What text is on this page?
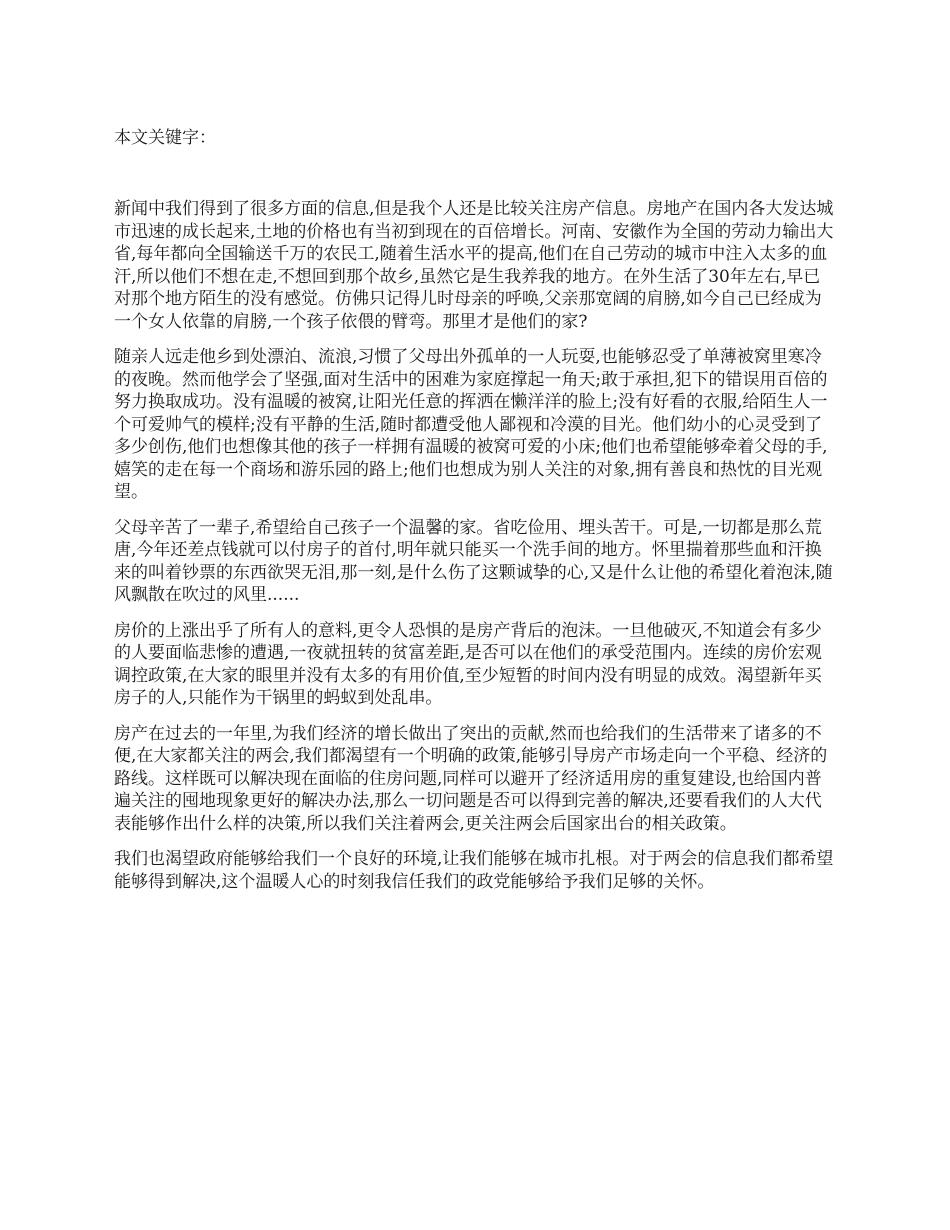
本文关键字：

新闻中我们得到了很多方面的信息,但是我个人还是比较关注房产信息。房地产在国内各大发达城市迅速的成长起来,土地的价格也有当初到现在的百倍增长。河南、安徽作为全国的劳动力输出大省,每年都向全国输送千万的农民工,随着生活水平的提高,他们在自己劳动的城市中注入太多的血汗,所以他们不想在走,不想回到那个故乡,虽然它是生我养我的地方。在外生活了30年左右,早已对那个地方陌生的没有感觉。仿佛只记得儿时母亲的呼唤,父亲那宽阔的肩膀,如今自己已经成为一个女人依靠的肩膀,一个孩子依偎的臂弯。那里才是他们的家?

随亲人远走他乡到处漂泊、流浪,习惯了父母出外孤单的一人玩耍,也能够忍受了单薄被窝里寒冷的夜晚。然而他学会了坚强,面对生活中的困难为家庭撑起一角天;敢于承担,犯下的错误用百倍的努力换取成功。没有温暖的被窝,让阳光任意的挥洒在懒洋洋的脸上;没有好看的衣服,给陌生人一个可爱帅气的模样;没有平静的生活,随时都遭受他人鄙视和冷漠的目光。他们幼小的心灵受到了多少创伤,他们也想像其他的孩子一样拥有温暖的被窝可爱的小床;他们也希望能够牵着父母的手,嬉笑的走在每一个商场和游乐园的路上;他们也想成为别人关注的对象,拥有善良和热忱的目光观望。

父母辛苦了一辈子,希望给自己孩子一个温馨的家。省吃俭用、埋头苦干。可是,一切都是那么荒唐,今年还差点钱就可以付房子的首付,明年就只能买一个洗手间的地方。怀里揣着那些血和汗换来的叫着钞票的东西欲哭无泪,那一刻,是什么伤了这颗诚挚的心,又是什么让他的希望化着泡沫,随风飘散在吹过的风里......

房价的上涨出乎了所有人的意料,更令人恐惧的是房产背后的泡沫。一旦他破灭,不知道会有多少的人要面临悲惨的遭遇,一夜就扭转的贫富差距,是否可以在他们的承受范围内。连续的房价宏观调控政策,在大家的眼里并没有太多的有用价值,至少短暂的时间内没有明显的成效。渴望新年买房子的人,只能作为干锅里的蚂蚁到处乱串。

房产在过去的一年里,为我们经济的增长做出了突出的贡献,然而也给我们的生活带来了诸多的不便,在大家都关注的两会,我们都渴望有一个明确的政策,能够引导房产市场走向一个平稳、经济的路线。这样既可以解决现在面临的住房问题,同样可以避开了经济适用房的重复建设,也给国内普遍关注的囤地现象更好的解决办法,那么一切问题是否可以得到完善的解决,还要看我们的人大代表能够作出什么样的决策,所以我们关注着两会,更关注两会后国家出台的相关政策。

我们也渴望政府能够给我们一个良好的环境,让我们能够在城市扎根。对于两会的信息我们都希望能够得到解决,这个温暖人心的时刻我信任我们的政党能够给予我们足够的关怀。
